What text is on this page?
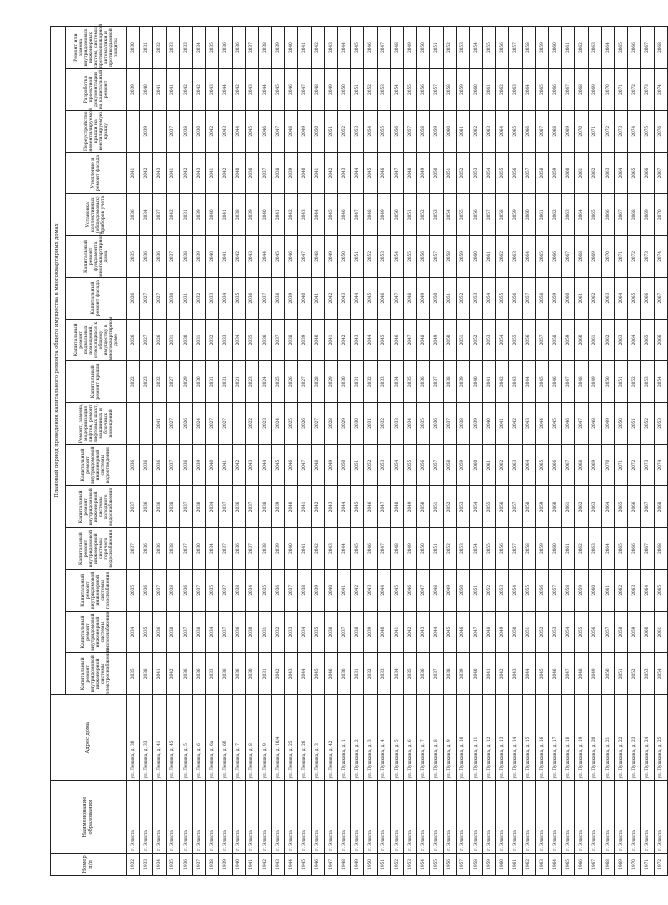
Номер п/п	Наименование образования	Адрес дома	Плановый период проведения капитального ремонта общего имущества в многоквартирных домах															
			Капитальный ремонт внутридомовой инженерной системы электроснабжения	Капитальный ремонт внутридомовой инженерной системы теплоснабжения	Капитальный ремонт внутридомовой инженерной системы газоснабжения	Капитальный ремонт внутридомовой инженерной системы горячего водоснабжения	Капитальный ремонт внутридомовой инженерной системы холодного водоснабжения	Капитальный ремонт внутридомовой инженерной системы водоотведения	Ремонт, замена, модернизация лифтов, ремонт лифтовых шахт, машинных и блочных помещений	Капитальный ремонт крыши	Капитальный ремонт подвальных помещений, относящихся к общему имуществу в многоквартирном доме	Капитальный ремонт фасада	Капитальный ремонт фундамента многоквартирного дома	Установка коллективных (общедомовых) приборов учета	Утепление и ремонт фасада	Переустройство невентилируемой крыши на вентилируемую крышу	Разработка проектной документации на капитальный ремонт	Ремонт или замена внутридомовых инженерных систем, системы противопожарной автоматики и противодымной защиты
1932	г. Элиста	ул. Ленина, д. 30	2035	2034	2035	2037	2037	2036		2022	2026	2026	2035	2036	2041		2039	2030
1933	г. Элиста	ул. Ленина, д. 33	2038	2035	2036	2036	2036	2036		2023	2027	2027	2036	2034	2042	2039	2040	2031
1934	г. Элиста	ул. Ленина, д. 41	2041	2036	2037	2036	2036	2036	2041	2032	2026	2027	2036	2037	2043		2041	2032
1935	г. Элиста	ул. Ленина, д. 45	2042	2038	2038	2038	2038	2037	2027	2027	2031	2030	2037	2042	2041	2037	2041	2033
1936	г. Элиста	ул. Ленина, д. 5	2036	2037	2036	2037	2037	2036	2026	2029	2030	2031	2038	2031	2042	2038	2042	2033
1937	г. Элиста	ул. Ленина, д. 6	2036	2038	2037	2030	2030	2039	2024	2030	2031	2032	2039	2039	2043	2030	2042	2034
1938	г. Элиста	ул. Ленина, д. 6а	2033	2034	2035	2034	2034	2040	2027	2031	2032	2033	2040	2040	2041	2042	2043	2035
1939	г. Элиста	ул. Ленина, д. 6б	2036	2037	2037	2037	2037	2041	2027	2031	2033	2034	2041	2041	2042	2043	2044	2036
1940	г. Элиста	ул. Ленина, д. 7	2036	2036	2038	2036	2036	2042		2021	2034	2035	2042	2038	2040	2044	2042	2036
1941	г. Элиста	ул. Ленина, д. 8	2030	2030	2034	2037	2037	2043	2022	2023	2035	2036	2043	2039	2036	2045	2043	2037
1942	г. Элиста	ул. Ленина, д. 9	2031	2031	2035	2038	2038	2044	2023	2024	2036	2037	2044	2040	2037	2046	2044	2038
1943	г. Элиста	ул. Ленина, д. 10/4	2042	2032	2036	2039	2039	2045	2024	2025	2037	2038	2045	2041	2038	2047	2045	2039
1944	г. Элиста	ул. Ленина, д. 25	2043	2033	2037	2040	2040	2046	2025	2026	2038	2039	2046	2042	2039	2048	2046	2040
1945	г. Элиста	ул. Ленина, д. 26	2044	2034	2038	2041	2041	2047	2026	2027	2039	2040	2047	2043	2040	2049	2047	2041
1946	г. Элиста	ул. Ленина, д. 3	2045	2035	2039	2042	2042	2048	2027	2028	2040	2041	2048	2044	2041	2050	2048	2042
1947	г. Элиста	ул. Ленина, д. 42	2046	2036	2040	2043	2043	2049	2028	2029	2041	2042	2049	2045	2042	2051	2049	2043
1948	г. Элиста	ул. Пушкина, д. 1	2030	2037	2041	2044	2044	2050	2029	2030	2042	2043	2050	2046	2043	2052	2050	2044
1949	г. Элиста	ул. Пушкина, д. 2	2031	2038	2042	2045	2045	2051	2030	2031	2043	2044	2051	2047	2044	2053	2051	2045
1950	г. Элиста	ул. Пушкина, д. 3	2032	2039	2043	2046	2046	2052	2031	2032	2044	2045	2052	2048	2045	2054	2052	2046
1951	г. Элиста	ул. Пушкина, д. 4	2033	2040	2044	2047	2047	2053	2032	2033	2045	2046	2053	2049	2046	2055	2053	2047
1952	г. Элиста	ул. Пушкина, д. 5	2034	2041	2045	2048	2048	2054	2033	2034	2046	2047	2054	2050	2047	2056	2054	2048
1953	г. Элиста	ул. Пушкина, д. 6	2035	2042	2046	2049	2049	2055	2034	2035	2047	2048	2055	2051	2048	2057	2055	2049
1954	г. Элиста	ул. Пушкина, д. 7	2036	2043	2047	2050	2050	2056	2035	2036	2048	2049	2056	2052	2049	2058	2056	2050
1955	г. Элиста	ул. Пушкина, д. 8	2037	2044	2048	2051	2051	2057	2036	2037	2049	2050	2057	2053	2050	2059	2057	2051
1956	г. Элиста	ул. Пушкина, д. 9	2038	2045	2049	2052	2052	2058	2037	2038	2050	2051	2058	2054	2051	2060	2058	2052
1957	г. Элиста	ул. Пушкина, д. 10	2039	2046	2050	2053	2053	2059	2038	2039	2051	2052	2059	2055	2052	2061	2059	2053
1958	г. Элиста	ул. Пушкина, д. 11	2040	2047	2051	2054	2054	2060	2039	2040	2052	2053	2060	2056	2053	2062	2060	2054
1959	г. Элиста	ул. Пушкина, д. 12	2041	2048	2052	2055	2055	2061	2040	2041	2053	2054	2061	2057	2054	2063	2061	2055
1960	г. Элиста	ул. Пушкина, д. 13	2042	2049	2053	2056	2056	2062	2041	2042	2054	2055	2062	2058	2055	2064	2062	2056
1961	г. Элиста	ул. Пушкина, д. 14	2043	2050	2054	2057	2057	2063	2042	2043	2055	2056	2063	2059	2056	2065	2063	2057
1962	г. Элиста	ул. Пушкина, д. 15	2044	2051	2055	2058	2058	2064	2043	2044	2056	2057	2064	2060	2057	2066	2064	2058
1963	г. Элиста	ул. Пушкина, д. 16	2045	2052	2056	2059	2059	2065	2044	2045	2057	2058	2065	2061	2058	2067	2065	2059
1964	г. Элиста	ул. Пушкина, д. 17	2046	2053	2057	2060	2060	2066	2045	2046	2058	2059	2066	2062	2059	2068	2066	2060
1965	г. Элиста	ул. Пушкина, д. 18	2047	2054	2058	2061	2061	2067	2046	2047	2059	2060	2067	2063	2060	2069	2067	2061
1966	г. Элиста	ул. Пушкина, д. 19	2048	2055	2059	2062	2062	2068	2047	2048	2060	2061	2068	2064	2061	2070	2068	2062
1967	г. Элиста	ул. Пушкина, д. 20	2049	2056	2060	2063	2063	2069	2048	2049	2061	2062	2069	2065	2062	2071	2069	2063
1968	г. Элиста	ул. Пушкина, д. 21	2050	2057	2061	2064	2064	2070	2049	2050	2062	2063	2070	2066	2063	2072	2070	2064
1969	г. Элиста	ул. Пушкина, д. 22	2051	2058	2062	2065	2065	2071	2050	2051	2063	2064	2071	2067	2064	2073	2071	2065
1970	г. Элиста	ул. Пушкина, д. 23	2052	2059	2063	2066	2066	2072	2051	2052	2064	2065	2072	2068	2065	2074	2072	2066
1971	г. Элиста	ул. Пушкина, д. 24	2053	2060	2064	2067	2067	2073	2052	2053	2065	2066	2073	2069	2066	2075	2073	2067
1972	г. Элиста	ул. Пушкина, д. 25	2054	2061	2065	2068	2068	2074	2053	2054	2066	2067	2074	2070	2067	2076	2074	2068
